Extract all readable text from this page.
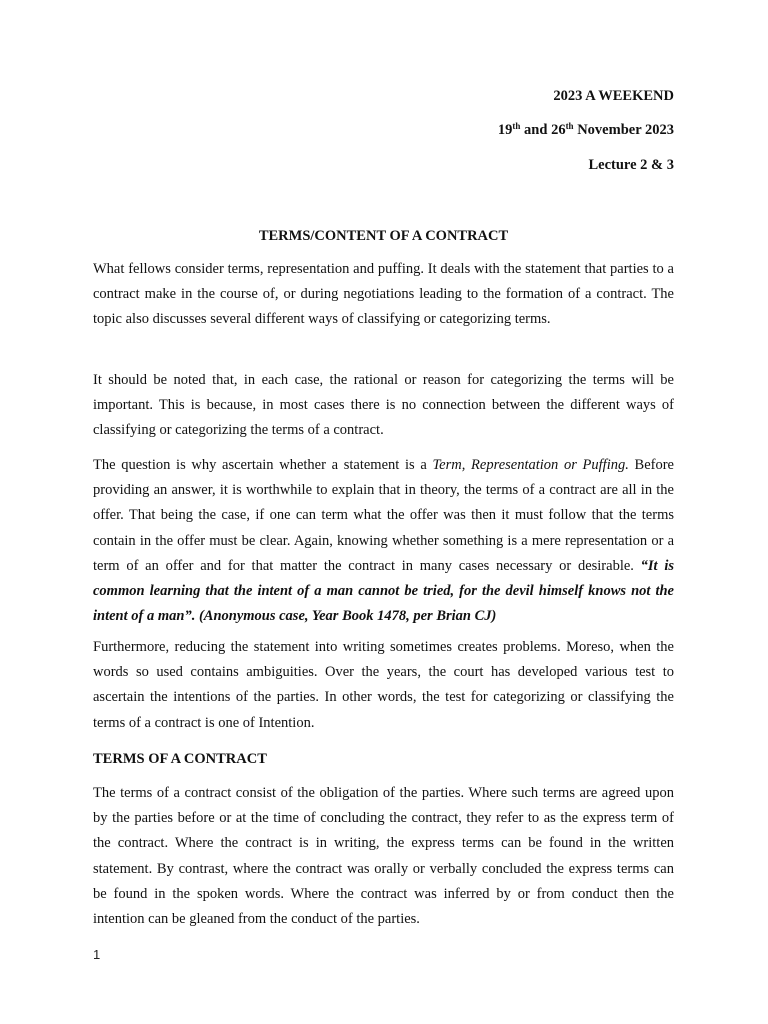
2023 A WEEKEND
19th and 26th November 2023
Lecture 2 & 3
TERMS/CONTENT OF A CONTRACT

What fellows consider terms, representation and puffing. It deals with the statement that parties to a contract make in the course of, or during negotiations leading to the formation of a contract. The topic also discusses several different ways of classifying or categorizing terms.

It should be noted that, in each case, the rational or reason for categorizing the terms will be important. This is because, in most cases there is no connection between the different ways of classifying or categorizing the terms of a contract.

The question is why ascertain whether a statement is a Term, Representation or Puffing. Before providing an answer, it is worthwhile to explain that in theory, the terms of a contract are all in the offer. That being the case, if one can term what the offer was then it must follow that the terms contain in the offer must be clear. Again, knowing whether something is a mere representation or a term of an offer and for that matter the contract in many cases necessary or desirable. “It is common learning that the intent of a man cannot be tried, for the devil himself knows not the intent of a man”. (Anonymous case, Year Book 1478, per Brian CJ)

Furthermore, reducing the statement into writing sometimes creates problems. Moreso, when the words so used contains ambiguities. Over the years, the court has developed various test to ascertain the intentions of the parties. In other words, the test for categorizing or classifying the terms of a contract is one of Intention.

TERMS OF A CONTRACT

The terms of a contract consist of the obligation of the parties. Where such terms are agreed upon by the parties before or at the time of concluding the contract, they refer to as the express term of the contract. Where the contract is in writing, the express terms can be found in the written statement. By contrast, where the contract was orally or verbally concluded the express terms can be found in the spoken words. Where the contract was inferred by or from conduct then the intention can be gleaned from the conduct of the parties.

1
